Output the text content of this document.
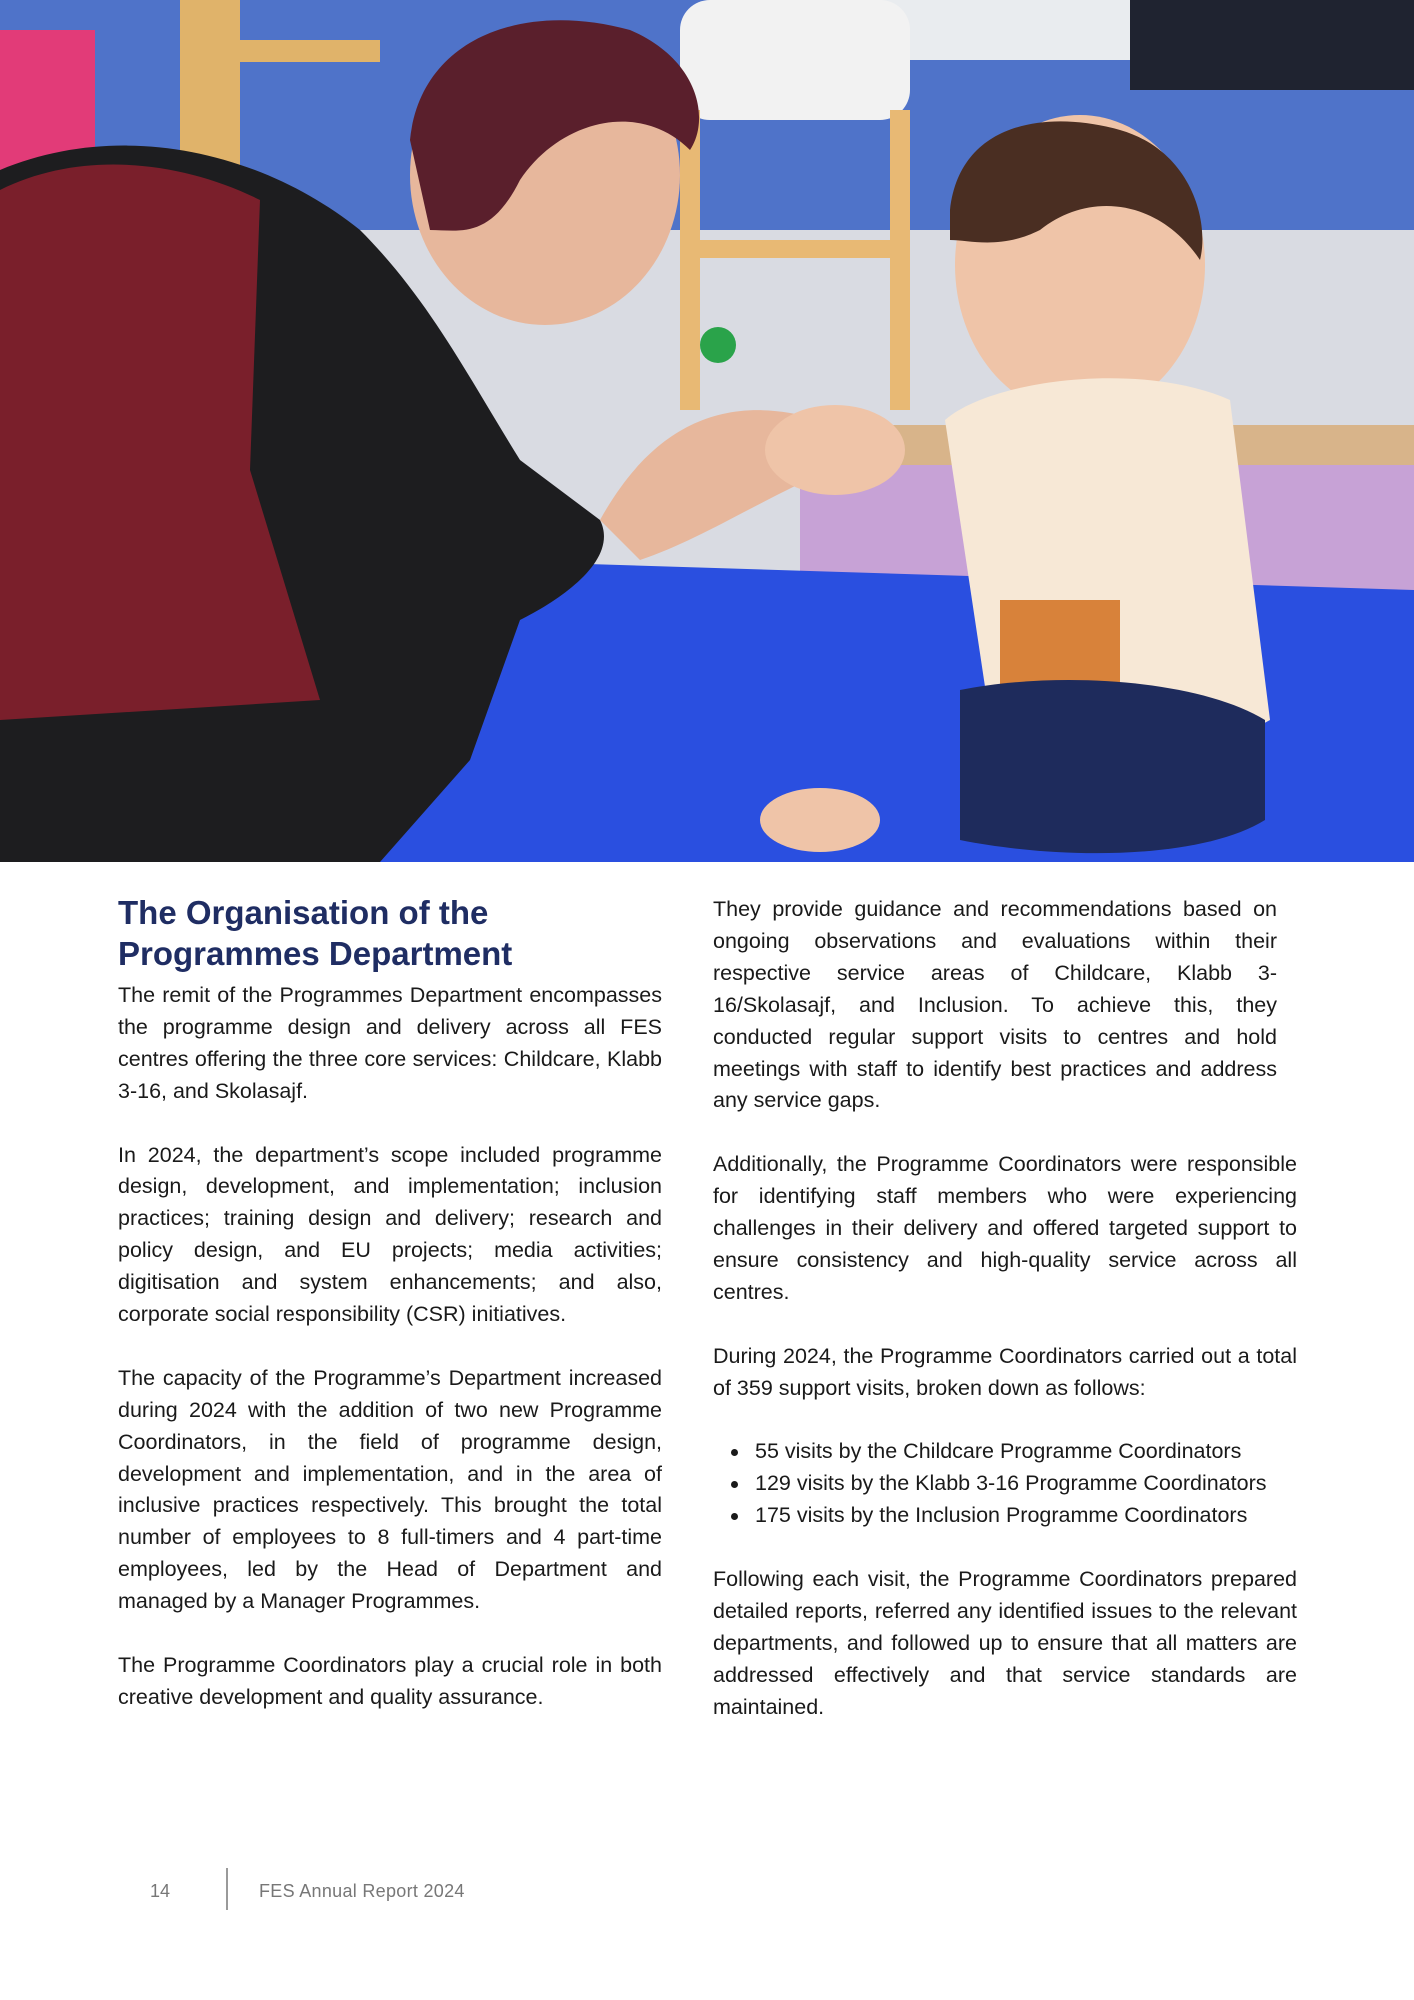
The Organisation of the Programmes Department

The remit of the Programmes Department encompasses the programme design and delivery across all FES centres offering the three core services: Childcare, Klabb 3-16, and Skolasajf.

In 2024, the department’s scope included programme design, development, and implementation; inclusion practices; training design and delivery; research and policy design, and EU projects; media activities; digitisation and system enhancements; and also, corporate social responsibility (CSR) initiatives.

The capacity of the Programme’s Department increased during 2024 with the addition of two new Programme Coordinators, in the field of programme design, development and implementation, and in the area of inclusive practices respectively. This brought the total number of employees to 8 full-timers and 4 part-time employees, led by the Head of Department and managed by a Manager Programmes.

The Programme Coordinators play a crucial role in both creative development and quality assurance.

They provide guidance and recommendations based on ongoing observations and evaluations within their respective service areas of Childcare, Klabb 3-16/Skolasajf, and Inclusion. To achieve this, they conducted regular support visits to centres and hold meetings with staff to identify best practices and address any service gaps.

Additionally, the Programme Coordinators were responsible for identifying staff members who were experiencing challenges in their delivery and offered targeted support to ensure consistency and high-quality service across all centres.

During 2024, the Programme Coordinators carried out a total of 359 support visits, broken down as follows:

55 visits by the Childcare Programme Coordinators
129 visits by the Klabb 3-16 Programme Coordinators
175 visits by the Inclusion Programme Coordinators

Following each visit, the Programme Coordinators prepared detailed reports, referred any identified issues to the relevant departments, and followed up to ensure that all matters are addressed effectively and that service standards are maintained.

14	FES Annual Report 2024
